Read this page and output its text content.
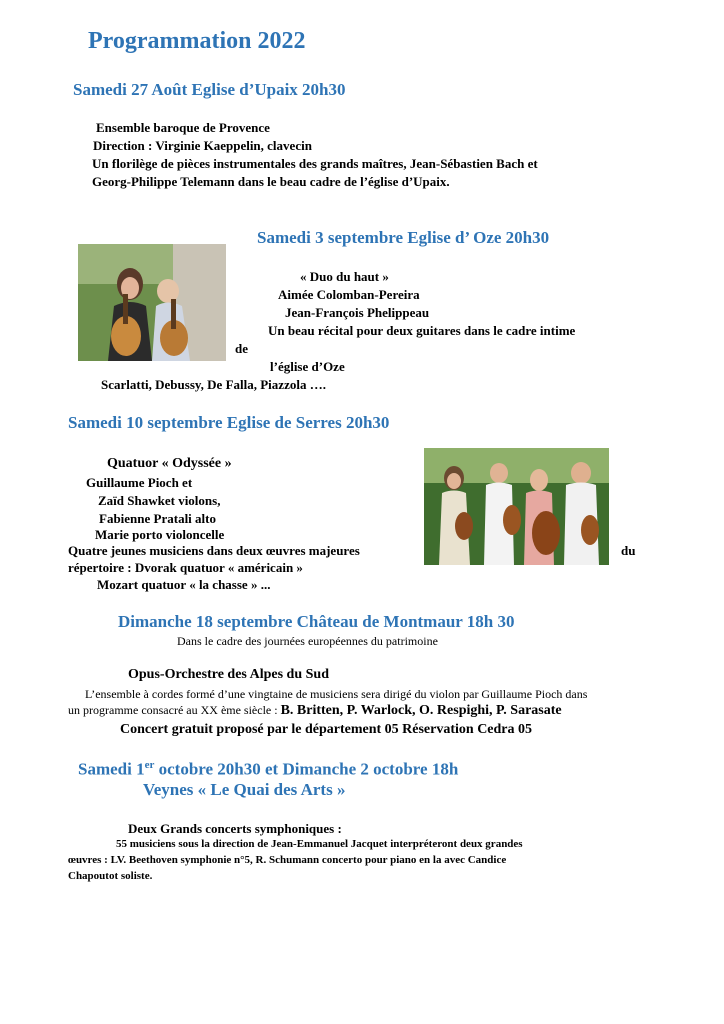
Programmation 2022
Samedi 27 Août Eglise d’Upaix 20h30
Ensemble baroque de Provence
Direction : Virginie Kaeppelin, clavecin
Un florilège de pièces instrumentales des grands maîtres, Jean-Sébastien Bach et
Georg-Philippe Telemann dans le beau cadre de l’église d’Upaix.
Samedi 3 septembre Eglise d’ Oze 20h30
« Duo du haut »
Aimée Colomban-Pereira
Jean-François Phelippeau
Un beau récital pour deux guitares dans le cadre intime
de
l’église d’Oze
Scarlatti, Debussy, De Falla, Piazzola ….
Samedi 10 septembre Eglise de Serres 20h30
Quatuor « Odyssée »
Guillaume Pioch et
Zaïd Shawket violons,
Fabienne Pratali alto
Marie porto violoncelle
Quatre jeunes musiciens dans deux œuvres majeures	du
répertoire : Dvorak quatuor « américain »
Mozart quatuor « la chasse » ...
Dimanche 18 septembre Château de Montmaur 18h 30
Dans le cadre des journées européennes du patrimoine
Opus-Orchestre des Alpes du Sud
L’ensemble à cordes formé d’une vingtaine de musiciens sera dirigé du violon par Guillaume Pioch dans
un programme consacré au XX ème siècle : B. Britten, P. Warlock, O. Respighi, P. Sarasate
Concert gratuit proposé par le département 05 Réservation Cedra 05
Samedi 1er octobre 20h30 et Dimanche 2 octobre 18h
Veynes « Le Quai des Arts »
Deux Grands concerts symphoniques :
55 musiciens sous la direction de Jean-Emmanuel Jacquet interpréteront deux grandes
œuvres : LV. Beethoven symphonie n°5, R. Schumann concerto pour piano en la avec Candice
Chapoutot soliste.
